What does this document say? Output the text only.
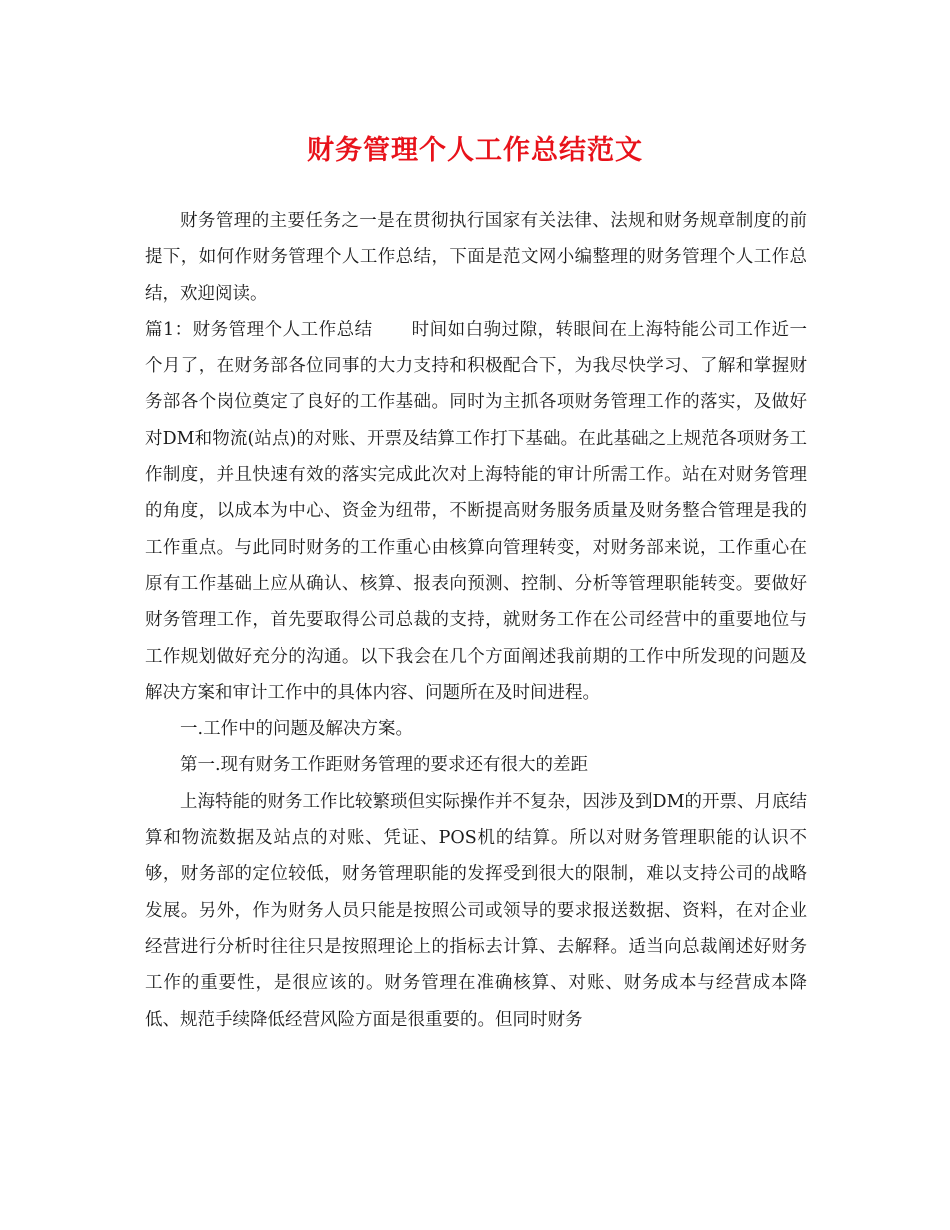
财务管理个人工作总结范文

财务管理的主要任务之一是在贯彻执行国家有关法律、法规和财务规章制度的前提下，如何作财务管理个人工作总结，下面是范文网小编整理的财务管理个人工作总结，欢迎阅读。

篇1：财务管理个人工作总结 时间如白驹过隙，转眼间在上海特能公司工作近一个月了，在财务部各位同事的大力支持和积极配合下，为我尽快学习、了解和掌握财务部各个岗位奠定了良好的工作基础。同时为主抓各项财务管理工作的落实，及做好对DM和物流(站点)的对账、开票及结算工作打下基础。在此基础之上规范各项财务工作制度，并且快速有效的落实完成此次对上海特能的审计所需工作。站在对财务管理的角度，以成本为中心、资金为纽带，不断提高财务服务质量及财务整合管理是我的工作重点。与此同时财务的工作重心由核算向管理转变，对财务部来说，工作重心在原有工作基础上应从确认、核算、报表向预测、控制、分析等管理职能转变。要做好财务管理工作，首先要取得公司总裁的支持，就财务工作在公司经营中的重要地位与工作规划做好充分的沟通。以下我会在几个方面阐述我前期的工作中所发现的问题及解决方案和审计工作中的具体内容、问题所在及时间进程。

一.工作中的问题及解决方案。

第一.现有财务工作距财务管理的要求还有很大的差距

上海特能的财务工作比较繁琐但实际操作并不复杂，因涉及到DM的开票、月底结算和物流数据及站点的对账、凭证、POS机的结算。所以对财务管理职能的认识不够，财务部的定位较低，财务管理职能的发挥受到很大的限制，难以支持公司的战略发展。另外，作为财务人员只能是按照公司或领导的要求报送数据、资料，在对企业经营进行分析时往往只是按照理论上的指标去计算、去解释。适当向总裁阐述好财务工作的重要性，是很应该的。财务管理在准确核算、对账、财务成本与经营成本降低、规范手续降低经营风险方面是很重要的。但同时财务
